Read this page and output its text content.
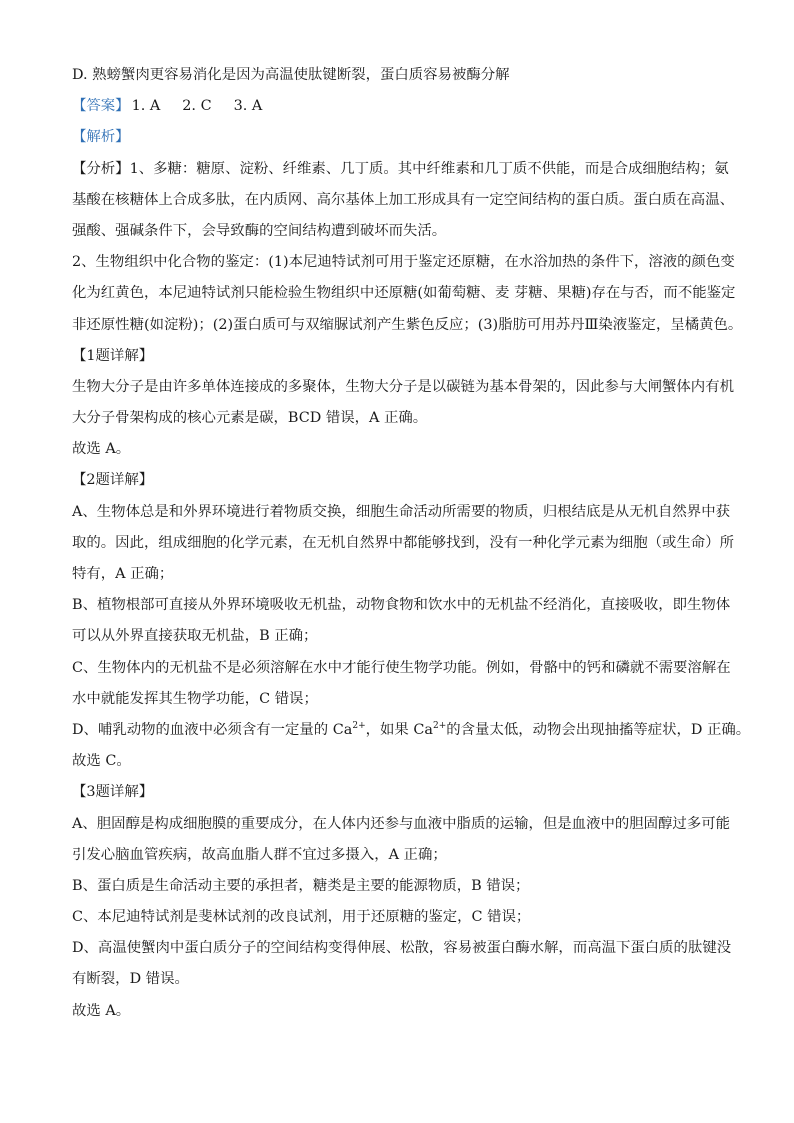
D. 熟螃蟹肉更容易消化是因为高温使肽键断裂，蛋白质容易被酶分解
【答案】 1. A 2. C 3. A
【解析】
【分析】1、多糖：糖原、淀粉、纤维素、几丁质。其中纤维素和几丁质不供能，而是合成细胞结构；氨
基酸在核糖体上合成多肽，在内质网、高尔基体上加工形成具有一定空间结构的蛋白质。蛋白质在高温、
强酸、强碱条件下，会导致酶的空间结构遭到破坏而失活。
2、生物组织中化合物的鉴定：(1)本尼迪特试剂可用于鉴定还原糖，在水浴加热的条件下，溶液的颜色变
化为红黄色，本尼迪特试剂只能检验生物组织中还原糖(如葡萄糖、麦 芽糖、果糖)存在与否，而不能鉴定
非还原性糖(如淀粉)；(2)蛋白质可与双缩脲试剂产生紫色反应；(3)脂肪可用苏丹Ⅲ染液鉴定，呈橘黄色。
【1题详解】
生物大分子是由许多单体连接成的多聚体，生物大分子是以碳链为基本骨架的，因此参与大闸蟹体内有机
大分子骨架构成的核心元素是碳，BCD 错误，A 正确。
故选 A。
【2题详解】
A、生物体总是和外界环境进行着物质交换，细胞生命活动所需要的物质，归根结底是从无机自然界中获
取的。因此，组成细胞的化学元素，在无机自然界中都能够找到，没有一种化学元素为细胞（或生命）所
特有，A 正确；
B、植物根部可直接从外界环境吸收无机盐，动物食物和饮水中的无机盐不经消化，直接吸收，即生物体
可以从外界直接获取无机盐，B 正确；
C、生物体内的无机盐不是必须溶解在水中才能行使生物学功能。例如，骨骼中的钙和磷就不需要溶解在
水中就能发挥其生物学功能，C 错误；
D、哺乳动物的血液中必须含有一定量的 $Ca^{2+}$，如果 $Ca^{2+}$的含量太低，动物会出现抽搐等症状，D 正确。
故选 C。
【3题详解】
A、胆固醇是构成细胞膜的重要成分，在人体内还参与血液中脂质的运输，但是血液中的胆固醇过多可能
引发心脑血管疾病，故高血脂人群不宜过多摄入，A 正确；
B、蛋白质是生命活动主要的承担者，糖类是主要的能源物质，B 错误；
C、本尼迪特试剂是斐林试剂的改良试剂，用于还原糖的鉴定，C 错误；
D、高温使蟹肉中蛋白质分子的空间结构变得伸展、松散，容易被蛋白酶水解，而高温下蛋白质的肽键没
有断裂，D 错误。
故选 A。
